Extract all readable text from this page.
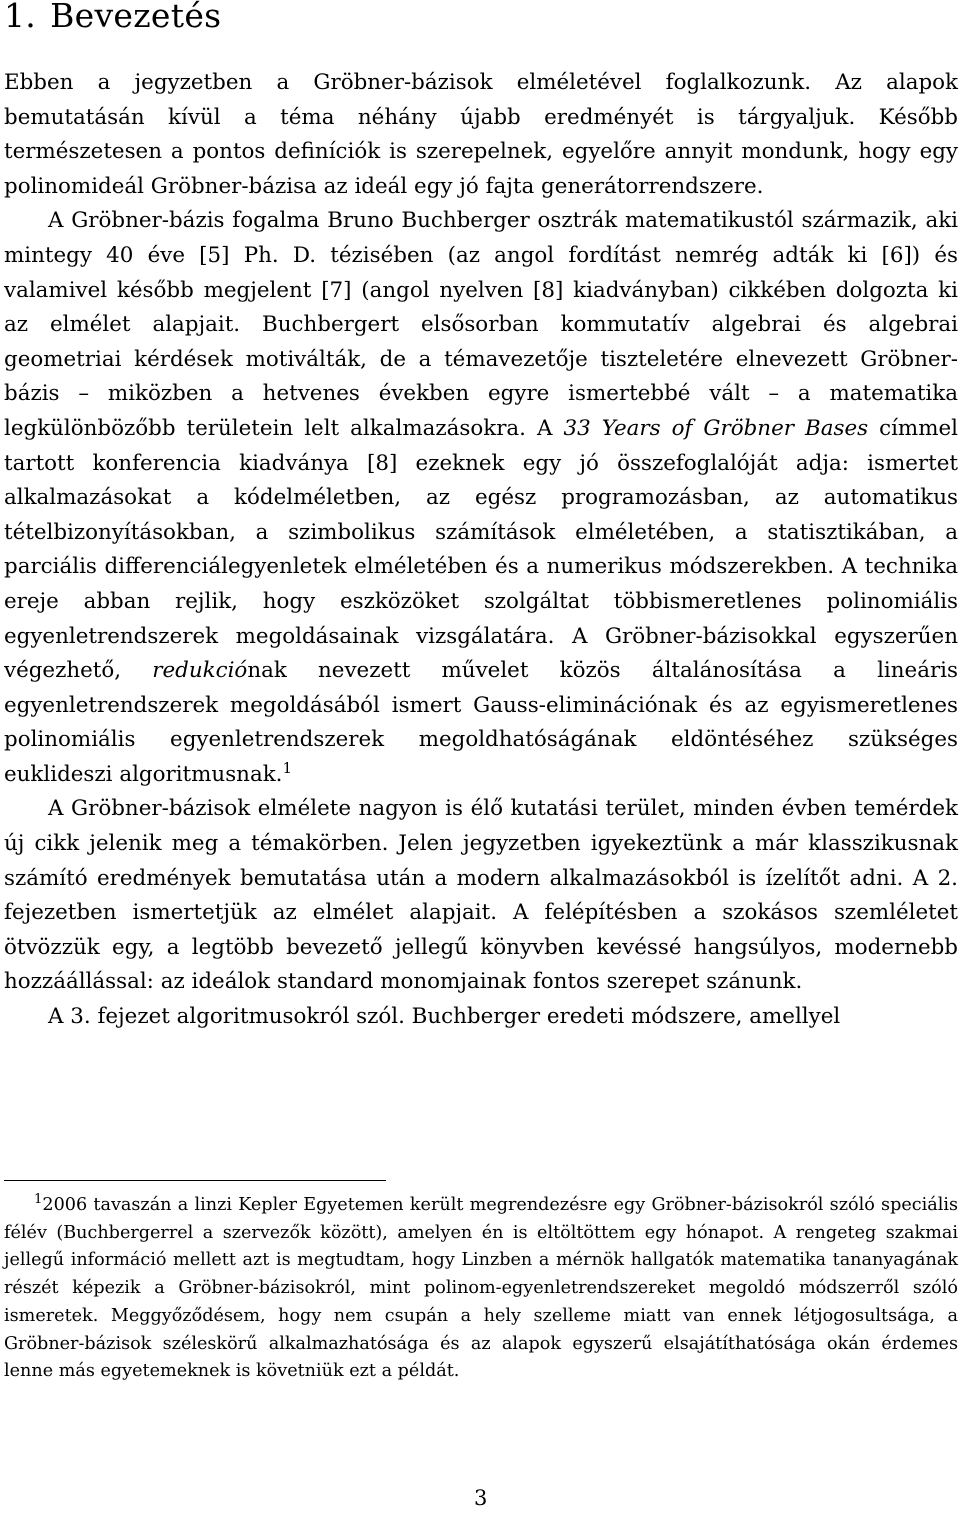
1. Bevezetés

Ebben a jegyzetben a Gröbner-bázisok elméletével foglalkozunk. Az alapok bemutatásán kívül a téma néhány újabb eredményét is tárgyaljuk. Később természetesen a pontos definíciók is szerepelnek, egyelőre annyit mondunk, hogy egy polinomideál Gröbner-bázisa az ideál egy jó fajta generátorrendszere.

A Gröbner-bázis fogalma Bruno Buchberger osztrák matematikustól származik, aki mintegy 40 éve [5] Ph. D. tézisében (az angol fordítást nemrég adták ki [6]) és valamivel később megjelent [7] (angol nyelven [8] kiadványban) cikkében dolgozta ki az elmélet alapjait. Buchbergert elsősorban kommutatív algebrai és algebrai geometriai kérdések motiválták, de a témavezetője tiszteletére elnevezett Gröbner-bázis – miközben a hetvenes években egyre ismertebbé vált – a matematika legkülönbözőbb területein lelt alkalmazásokra. A 33 Years of Gröbner Bases címmel tartott konferencia kiadványa [8] ezeknek egy jó összefoglalóját adja: ismertet alkalmazásokat a kódelméletben, az egész programozásban, az automatikus tételbizonyításokban, a szimbolikus számítások elméletében, a statisztikában, a parciális differenciálegyenletek elméletében és a numerikus módszerekben. A technika ereje abban rejlik, hogy eszközöket szolgáltat többismeretlenes polinomiális egyenletrendszerek megoldásainak vizsgálatára. A Gröbner-bázisokkal egyszerűen végezhető, redukciónak nevezett művelet közös általánosítása a lineáris egyenletrendszerek megoldásából ismert Gauss-eliminációnak és az egyismeretlenes polinomiális egyenletrendszerek megoldhatóságának eldöntéséhez szükséges euklideszi algoritmusnak.$^1$

A Gröbner-bázisok elmélete nagyon is élő kutatási terület, minden évben temérdek új cikk jelenik meg a témakörben. Jelen jegyzetben igyekeztünk a már klasszikusnak számító eredmények bemutatása után a modern alkalmazásokból is ízelítőt adni. A 2. fejezetben ismertetjük az elmélet alapjait. A felépítésben a szokásos szemléletet ötvözzük egy, a legtöbb bevezető jellegű könyvben kevéssé hangsúlyos, modernebb hozzáállással: az ideálok standard monomjainak fontos szerepet szánunk.

A 3. fejezet algoritmusokról szól. Buchberger eredeti módszere, amellyel

$^1$2006 tavaszán a linzi Kepler Egyetemen került megrendezésre egy Gröbner-bázisokról szóló speciális félév (Buchbergerrel a szervezők között), amelyen én is eltöltöttem egy hónapot. A rengeteg szakmai jellegű információ mellett azt is megtudtam, hogy Linzben a mérnök hallgatók matematika tananyagának részét képezik a Gröbner-bázisokról, mint polinom-egyenletrendszereket megoldó módszerről szóló ismeretek. Meggyőződésem, hogy nem csupán a hely szelleme miatt van ennek létjogosultsága, a Gröbner-bázisok széleskörű alkalmazhatósága és az alapok egyszerű elsajátíthatósága okán érdemes lenne más egyetemeknek is követniük ezt a példát.

3
